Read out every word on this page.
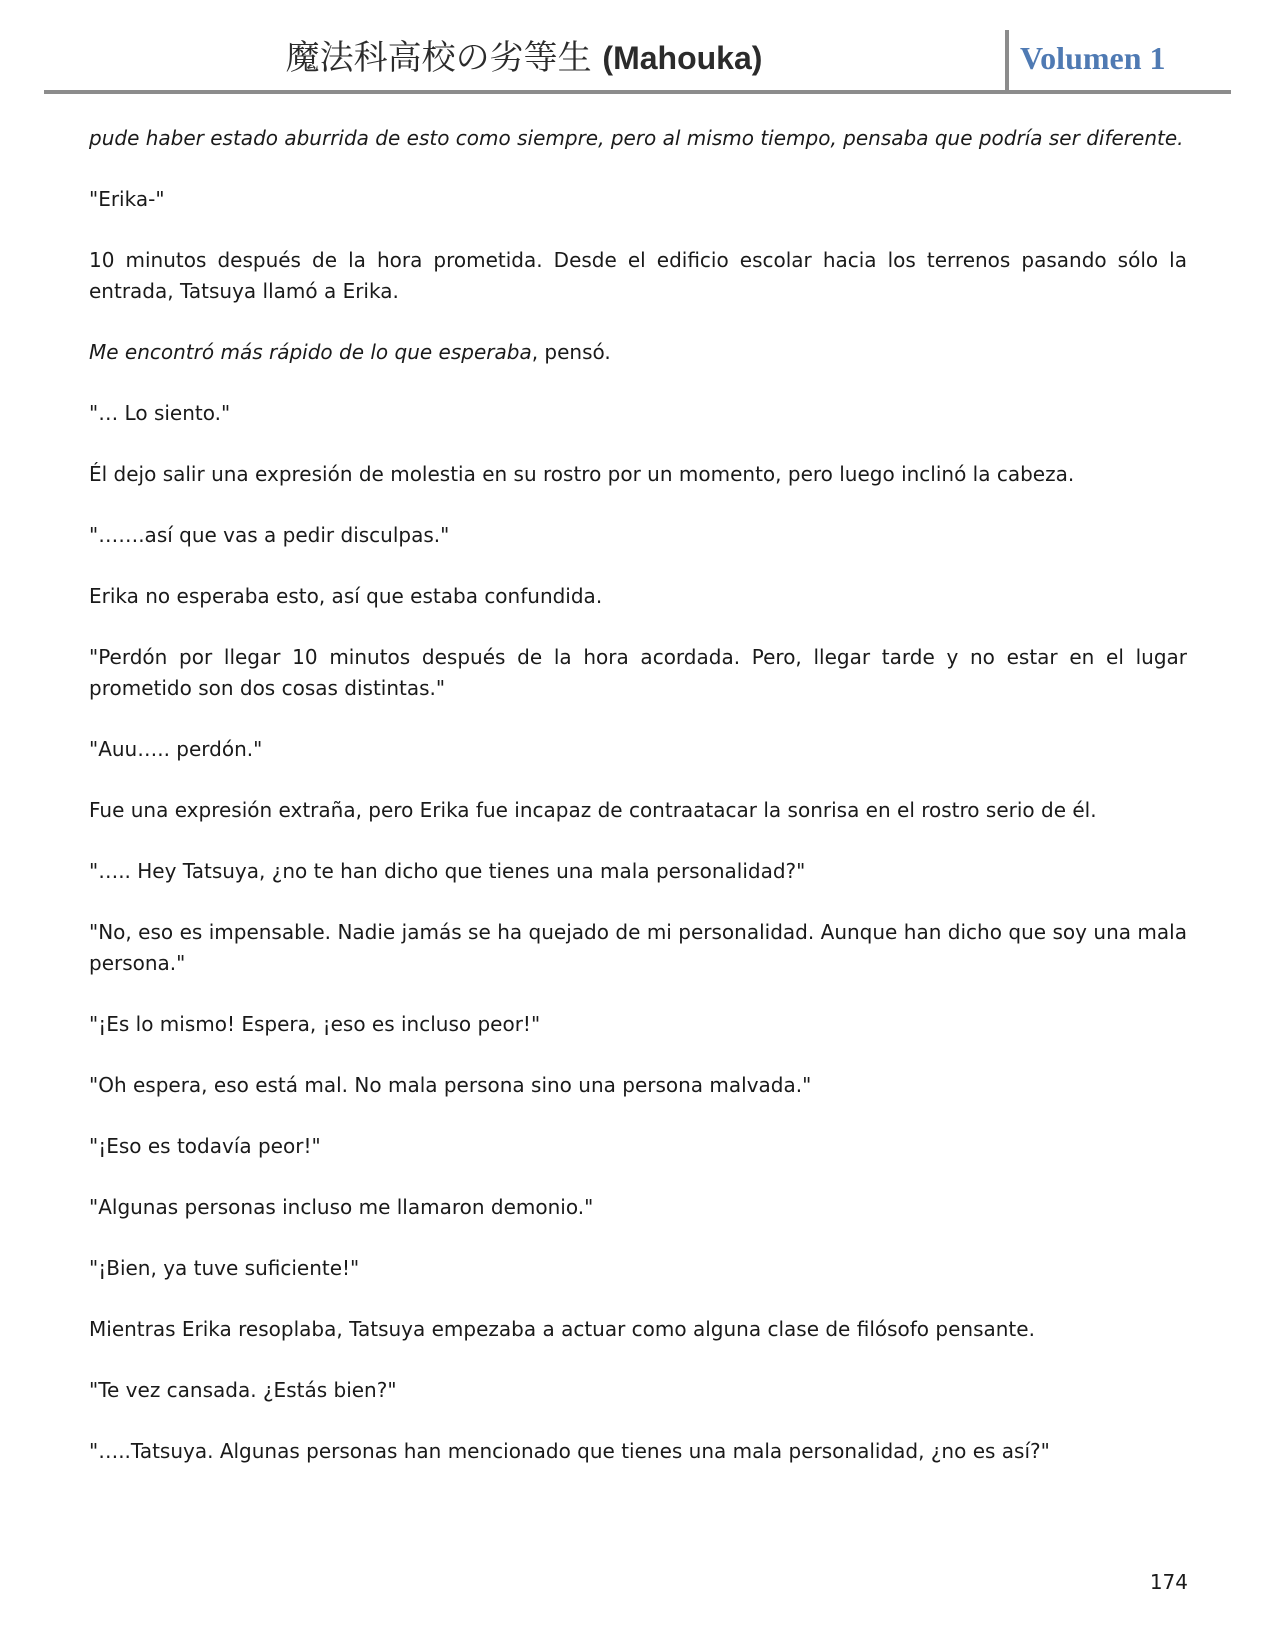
魔法科高校の劣等生 (Mahouka)	Volumen 1

pude haber estado aburrida de esto como siempre, pero al mismo tiempo, pensaba que podría ser diferente.

"Erika-"

10 minutos después de la hora prometida. Desde el edificio escolar hacia los terrenos pasando sólo la entrada, Tatsuya llamó a Erika.

Me encontró más rápido de lo que esperaba, pensó.

"… Lo siento."

Él dejo salir una expresión de molestia en su rostro por un momento, pero luego inclinó la cabeza.

"…….así que vas a pedir disculpas."

Erika no esperaba esto, así que estaba confundida.

"Perdón por llegar 10 minutos después de la hora acordada. Pero, llegar tarde y no estar en el lugar prometido son dos cosas distintas."

"Auu….. perdón."

Fue una expresión extraña, pero Erika fue incapaz de contraatacar la sonrisa en el rostro serio de él.

"….. Hey Tatsuya, ¿no te han dicho que tienes una mala personalidad?"

"No, eso es impensable. Nadie jamás se ha quejado de mi personalidad. Aunque han dicho que soy una mala persona."

"¡Es lo mismo! Espera, ¡eso es incluso peor!"

"Oh espera, eso está mal. No mala persona sino una persona malvada."

"¡Eso es todavía peor!"

"Algunas personas incluso me llamaron demonio."

"¡Bien, ya tuve suficiente!"

Mientras Erika resoplaba, Tatsuya empezaba a actuar como alguna clase de filósofo pensante.

"Te vez cansada. ¿Estás bien?"

"…..Tatsuya. Algunas personas han mencionado que tienes una mala personalidad, ¿no es así?"

174
